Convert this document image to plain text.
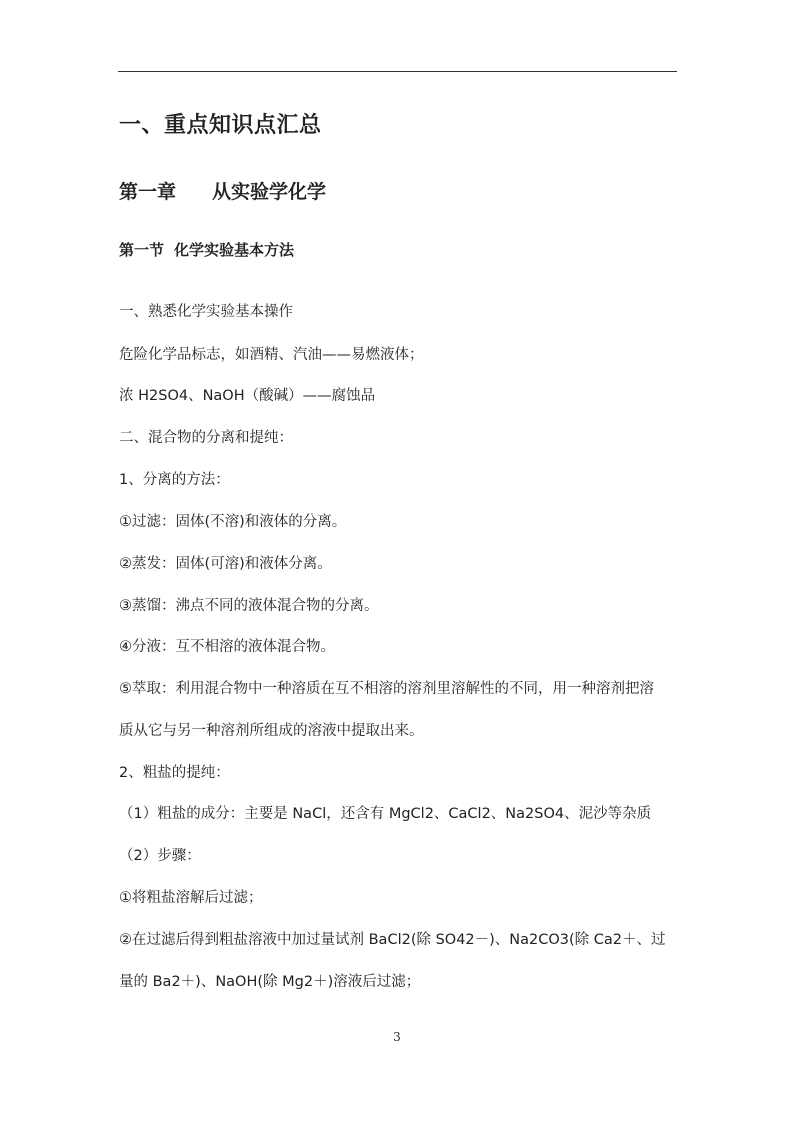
一、重点知识点汇总
第一章 从实验学化学
第一节 化学实验基本方法
一、熟悉化学实验基本操作
危险化学品标志，如酒精、汽油——易燃液体；
浓 H2SO4、NaOH（酸碱）——腐蚀品
二、混合物的分离和提纯：
1、分离的方法：
①过滤：固体(不溶)和液体的分离。
②蒸发：固体(可溶)和液体分离。
③蒸馏：沸点不同的液体混合物的分离。
④分液：互不相溶的液体混合物。
⑤萃取：利用混合物中一种溶质在互不相溶的溶剂里溶解性的不同，用一种溶剂把溶
质从它与另一种溶剂所组成的溶液中提取出来。
2、粗盐的提纯：
（1）粗盐的成分：主要是 NaCl，还含有 MgCl2、CaCl2、Na2SO4、泥沙等杂质
（2）步骤：
①将粗盐溶解后过滤；
②在过滤后得到粗盐溶液中加过量试剂 BaCl2(除 SO42－)、Na2CO3(除 Ca2＋、过
量的 Ba2＋)、NaOH(除 Mg2＋)溶液后过滤；
3
